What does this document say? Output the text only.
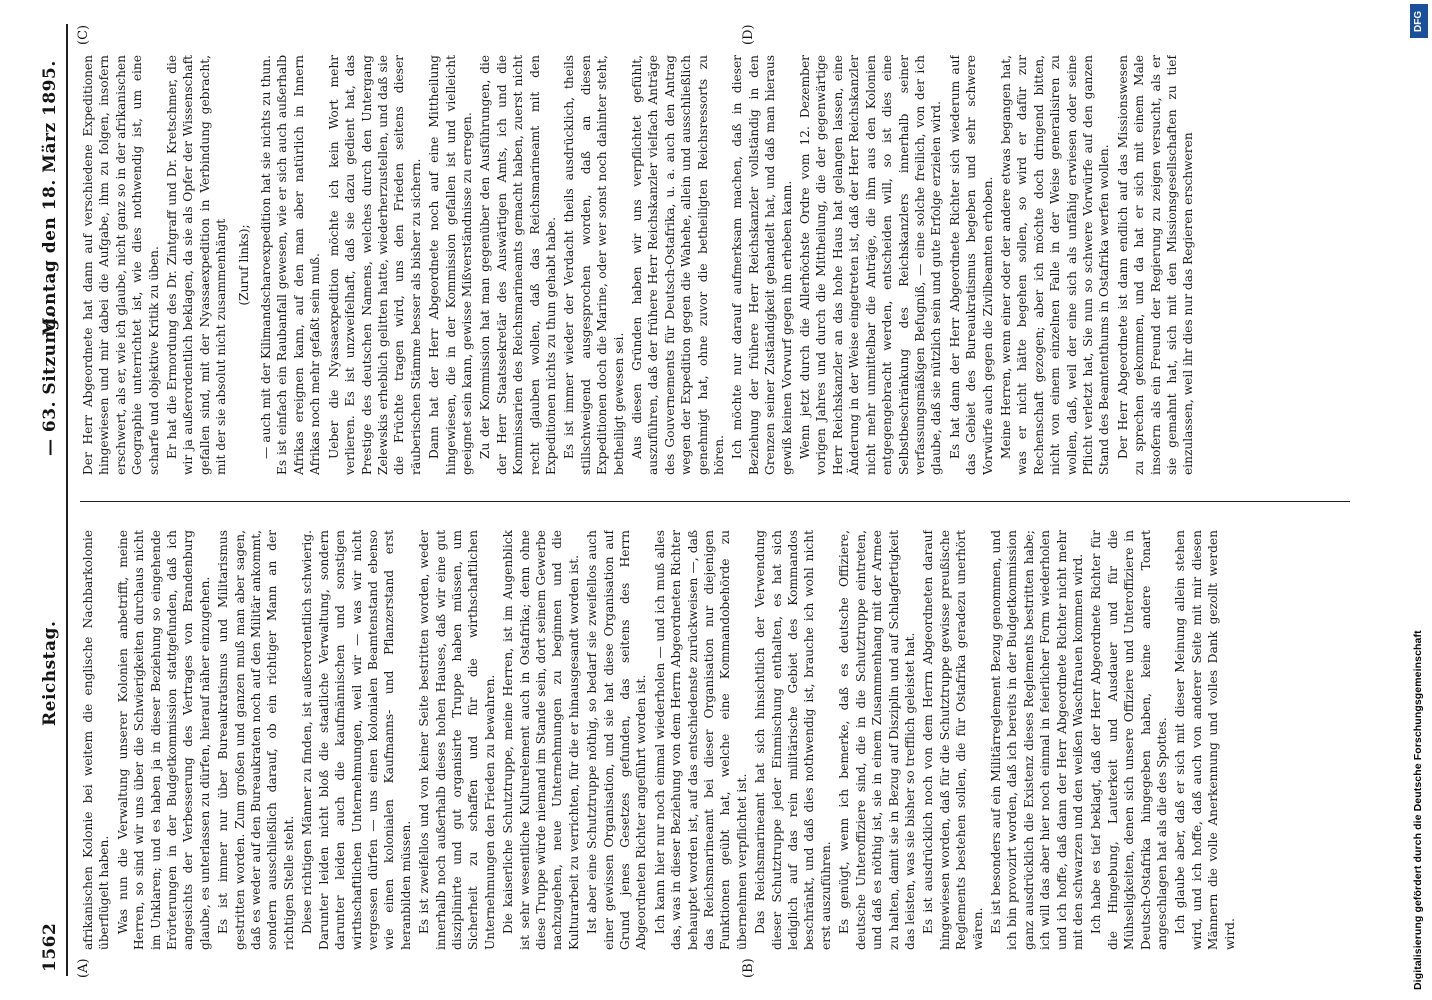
1562
Reichstag.
— 63. Sitzung.
Montag den 18. März 1895.
(A)	(B)
(C)	(D)

afrikanischen Kolonie bei weitem die englische Nachbarkolonie überflügelt haben. Was nun die Verwaltung unserer Kolonien anbetrifft, meine Herren, so sind wir uns über die Schwierigkeiten durchaus nicht im Unklaren; und es haben ja in dieser Beziehung so eingehende Erörterungen in der Budgetkommission stattgefunden, daß ich angesichts der Verbesserung des Vertrages von Brandenburg glaube, es unterlassen zu dürfen, hierauf näher einzugehen. Es ist immer nur über Bureaukratismus und Militarismus gestritten worden. Zum großen und ganzen muß man aber sagen, daß es weder auf den Bureaukraten noch auf den Militär ankommt, sondern ausschließlich darauf, ob ein richtiger Mann an der richtigen Stelle steht. Diese richtigen Männer zu finden, ist außerordentlich schwierig. Darunter leiden nicht bloß die staatliche Verwaltung, sondern darunter leiden auch die kaufmännischen und sonstigen wirthschaftlichen Unternehmungen, weil wir — was wir nicht vergessen dürfen — uns einen kolonialen Beamtenstand ebenso wie einen kolonialen Kaufmanns- und Pflanzerstand erst heranbilden müssen. Es ist zweifellos und von keiner Seite bestritten worden, weder innerhalb noch außerhalb dieses hohen Hauses, daß wir eine gut disziplinirte und gut organisirte Truppe haben müssen, um Sicherheit zu schaffen und für die wirthschaftlichen Unternehmungen den Frieden zu bewahren. Die kaiserliche Schutztruppe, meine Herren, ist im Augenblick ist sehr wesentliche Kulturelement auch in Ostafrika; denn ohne diese Truppe würde niemand im Stande sein, dort seinem Gewerbe nachzugehen, neue Unternehmungen zu beginnen und die Kulturarbeit zu verrichten, für die er hinausgesandt worden ist. Ist aber eine Schutztruppe nöthig, so bedarf sie zweifellos auch einer gewissen Organisation, und sie hat diese Organisation auf Grund jenes Gesetzes gefunden, das seitens des Herrn Abgeordneten Richter angeführt worden ist. Ich kann hier nur noch einmal wiederholen — und ich muß alles das, was in dieser Beziehung von dem Herrn Abgeordneten Richter behauptet worden ist, auf das entschiedenste zurückweisen —, daß das Reichsmarineamt bei dieser Organisation nur diejenigen Funktionen geübt hat, welche eine Kommandobehörde zu übernehmen verpflichtet ist. Das Reichsmarineamt hat sich hinsichtlich der Verwendung dieser Schutztruppe jeder Einmischung enthalten, es hat sich lediglich auf das rein militärische Gebiet des Kommandos beschränkt, und daß dies nothwendig ist, brauche ich wohl nicht erst auszuführen. Es genügt, wenn ich bemerke, daß es deutsche Offiziere, deutsche Unteroffiziere sind, die in die Schutztruppe eintreten, und daß es nöthig ist, sie in einem Zusammenhang mit der Armee zu halten, damit sie in Bezug auf Disziplin und auf Schlagfertigkeit das leisten, was sie bisher so trefflich geleistet hat. Es ist ausdrücklich noch von dem Herrn Abgeordneten darauf hingewiesen worden, daß für die Schutztruppe gewisse preußische Reglements bestehen sollen, die für Ostafrika geradezu unerhört wären. Es ist besonders auf ein Militärreglement Bezug genommen, und ich bin provozirt worden, daß ich bereits in der Budgetkommission ganz ausdrücklich die Existenz dieses Reglements bestritten habe; ich will das aber hier noch einmal in feierlicher Form wiederholen und ich hoffe, daß dann der Herr Abgeordnete Richter nicht mehr mit den schwarzen und den weißen Waschfrauen kommen wird. Ich habe es tief beklagt, daß der Herr Abgeordnete Richter für die Hingebung, Lauterkeit und Ausdauer und für die Mühseligkeiten, denen sich unsere Offiziere und Unteroffiziere in Deutsch-Ostafrika hingegeben haben, keine andere Tonart angeschlagen hat als die des Spottes. Ich glaube aber, daß er sich mit dieser Meinung allein stehen wird, und ich hoffe, daß auch von anderer Seite mit mir diesen Männern die volle Anerkennung und volles Dank gezollt werden wird.

Der Herr Abgeordnete hat dann auf verschiedene Expeditionen hingewiesen und mir dabei die Aufgabe, ihm zu folgen, insofern erschwert, als er, wie ich glaube, nicht ganz so in der afrikanischen Geographie unterrichtet ist, wie dies nothwendig ist, um eine scharfe und objektive Kritik zu üben. Er hat die Ermordung des Dr. Zintgraff und Dr. Kretschmer, die wir ja außerordentlich beklagen, da sie als Opfer der Wissenschaft gefallen sind, mit der Nyassaexpedition in Verbindung gebracht, mit der sie absolut nicht zusammenhängt (Zuruf links); — auch mit der Kilimandscharoexpedition hat sie nichts zu thun. Es ist einfach ein Raubanfall gewesen, wie er sich auch außerhalb Afrikas ereignen kann, auf den man aber natürlich in Innern Afrikas noch mehr gefaßt sein muß. Ueber die Nyassaexpedition möchte ich kein Wort mehr verlieren. Es ist unzweifelhaft, daß sie dazu gedient hat, das Prestige des deutschen Namens, welches durch den Untergang Zelewskis erheblich gelitten hatte, wiederherzustellen, und daß sie die Früchte tragen wird, uns den Frieden seitens dieser räuberischen Stämme besser als bisher zu sichern. Dann hat der Herr Abgeordnete noch auf eine Mittheilung hingewiesen, die in der Kommission gefallen ist und vielleicht geeignet sein kann, gewisse Mißverständnisse zu erregen. Zu der Kommission hat man gegenüber den Ausführungen, die der Herr Staatssekretär des Auswärtigen Amts, ich und die Kommissarien des Reichsmarineamts gemacht haben, zuerst nicht recht glauben wollen, daß das Reichsmarineamt mit den Expeditionen nichts zu thun gehabt habe. Es ist immer wieder der Verdacht theils ausdrücklich, theils stillschweigend ausgesprochen worden, daß an diesen Expeditionen doch die Marine, oder wer sonst noch dahinter steht, betheiligt gewesen sei. Aus diesen Gründen haben wir uns verpflichtet gefühlt, auszuführen, daß der frühere Herr Reichskanzler vielfach Anträge des Gouvernements für Deutsch-Ostafrika, u. a. auch den Antrag wegen der Expedition gegen die Wahehe, allein und ausschließlich genehmigt hat, ohne zuvor die betheiligten Reichsressorts zu hören. Ich möchte nur darauf aufmerksam machen, daß in dieser Beziehung der frühere Herr Reichskanzler vollständig in den Grenzen seiner Zuständigkeit gehandelt hat, und daß man hieraus gewiß keinen Vorwurf gegen ihn erheben kann. Wenn jetzt durch die Allerhöchste Ordre vom 12. Dezember vorigen Jahres und durch die Mittheilung, die der gegenwärtige Herr Reichskanzler an das hohe Haus hat gelangen lassen, eine Änderung in der Weise eingetreten ist, daß der Herr Reichskanzler nicht mehr unmittelbar die Anträge, die ihm aus den Kolonien entgegengebracht werden, entscheiden will, so ist dies eine Selbstbeschränkung des Reichskanzlers innerhalb seiner verfassungsmäßigen Befugniß, — eine solche freilich, von der ich glaube, daß sie nützlich sein und gute Erfolge erzielen wird. Es hat dann der Herr Abgeordnete Richter sich wiederum auf das Gebiet des Bureaukratismus begeben und sehr schwere Vorwürfe auch gegen die Zivilbeamten erhoben. Meine Herren, wenn einer oder der andere etwas begangen hat, was er nicht hätte begehen sollen, so wird er dafür zur Rechenschaft gezogen; aber ich möchte doch dringend bitten, nicht von einem einzelnen Falle in der Weise generalisiren zu wollen, daß, weil der eine sich als unfähig erwiesen oder seine Pflicht verletzt hat, Sie nun so schwere Vorwürfe auf den ganzen Stand des Beamtenthums in Ostafrika werfen wollen. Der Herr Abgeordnete ist dann endlich auf das Missionswesen zu sprechen gekommen, und da hat er sich mit einem Male insofern als ein Freund der Regierung zu zeigen versucht, als er sie gemahnt hat, sich mit den Missionsgesellschaften zu tief einzulassen, weil ihr dies nur das Regieren erschweren

DFG
Digitalisierung gefördert durch die Deutsche Forschungsgemeinschaft
